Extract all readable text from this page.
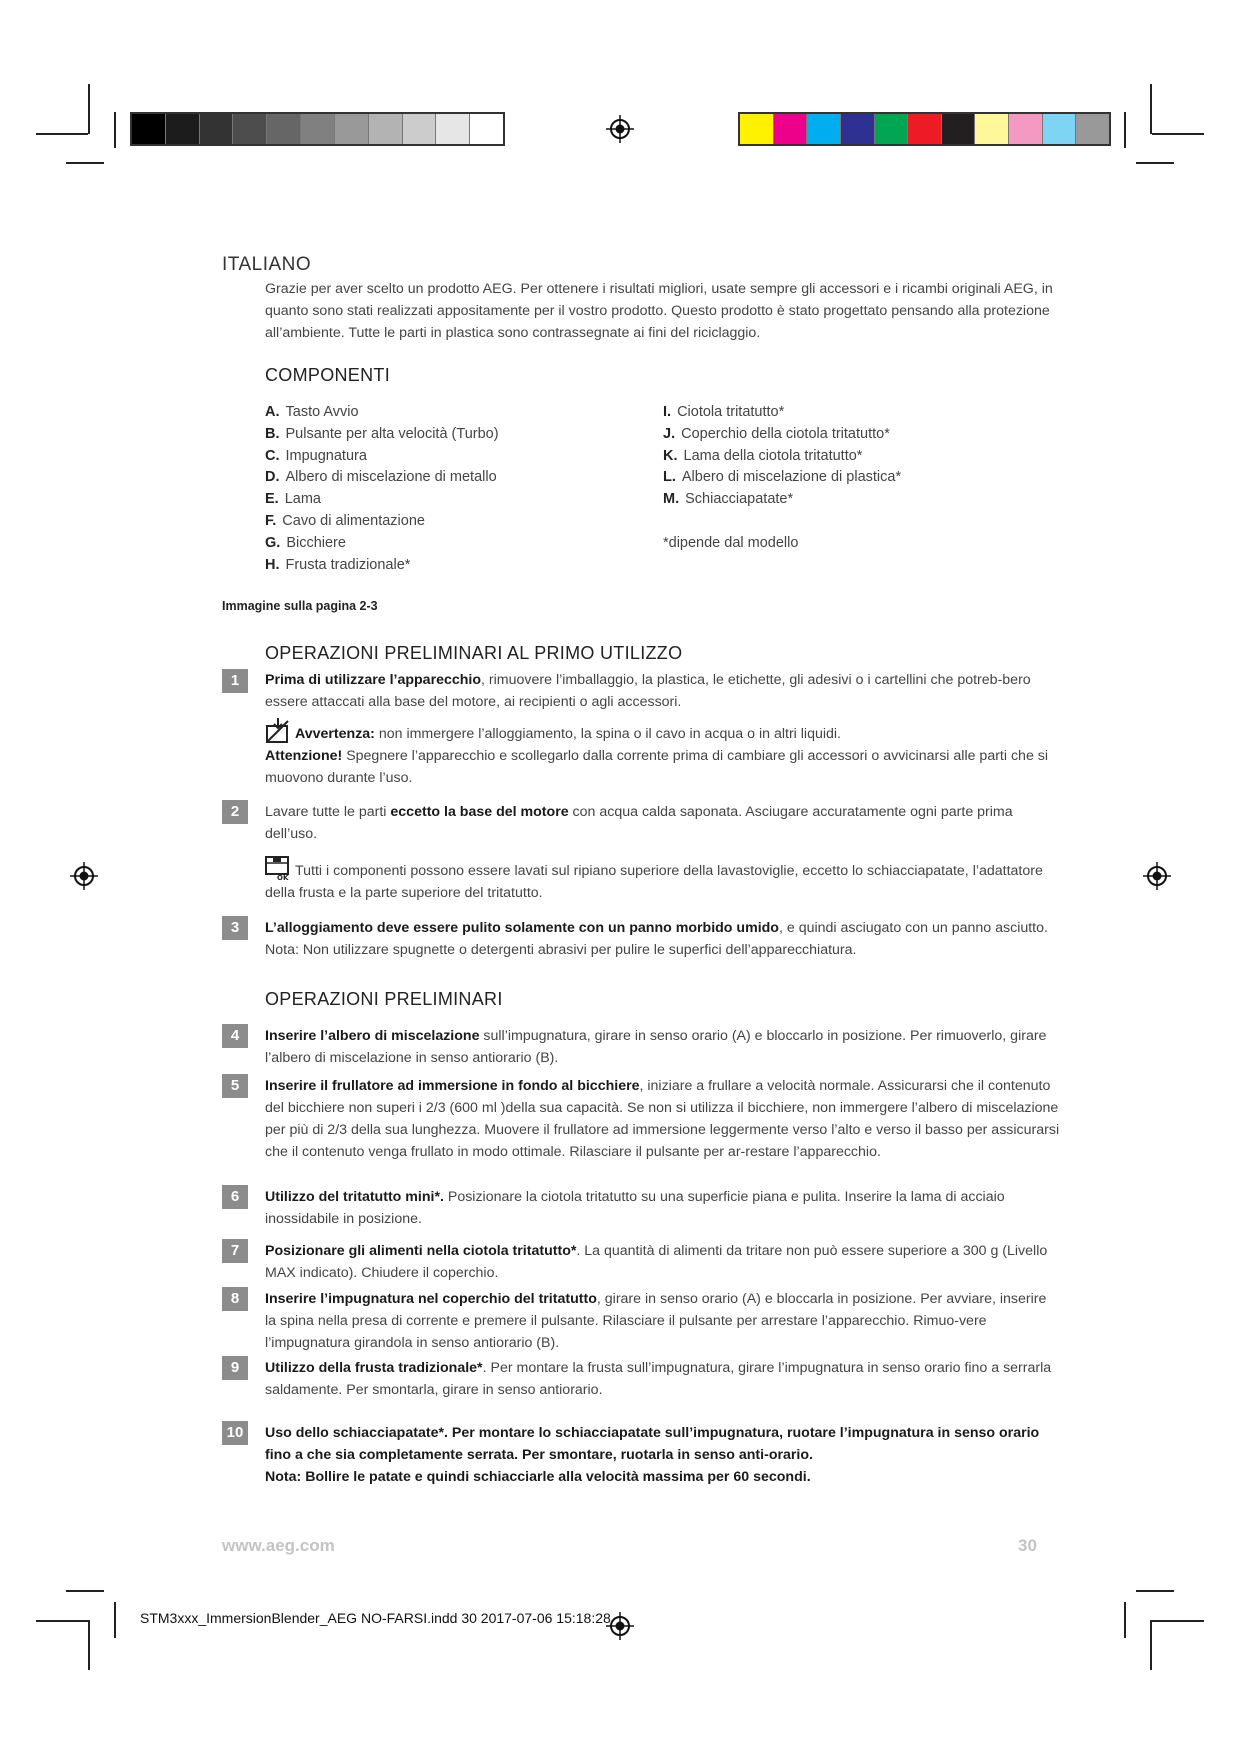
ITALIANO
Grazie per aver scelto un prodotto AEG. Per ottenere i risultati migliori, usate sempre gli accessori e i ricambi originali AEG, in quanto sono stati realizzati appositamente per il vostro prodotto. Questo prodotto è stato progettato pensando alla protezione all’ambiente. Tutte le parti in plastica sono contrassegnate ai fini del riciclaggio.
COMPONENTI
A. Tasto Avvio
B. Pulsante per alta velocità (Turbo)
C. Impugnatura
D. Albero di miscelazione di metallo
E. Lama
F. Cavo di alimentazione
G. Bicchiere
H. Frusta tradizionale*
I. Ciotola tritatutto*
J. Coperchio della ciotola tritatutto*
K. Lama della ciotola tritatutto*
L. Albero di miscelazione di plastica*
M. Schiacciapatate*
*dipende dal modello
Immagine sulla pagina 2-3
OPERAZIONI PRELIMINARI AL PRIMO UTILIZZO
1	Prima di utilizzare l’apparecchio, rimuovere l’imballaggio, la plastica, le etichette, gli adesivi o i cartellini che potreb-bero essere attaccati alla base del motore, ai recipienti o agli accessori.
Avvertenza: non immergere l’alloggiamento, la spina o il cavo in acqua o in altri liquidi.
Attenzione! Spegnere l’apparecchio e scollegarlo dalla corrente prima di cambiare gli accessori o avvicinarsi alle parti che si muovono durante l’uso.
2	Lavare tutte le parti eccetto la base del motore con acqua calda saponata. Asciugare accuratamente ogni parte prima dell’uso.
OK Tutti i componenti possono essere lavati sul ripiano superiore della lavastoviglie, eccetto lo schiacciapatate, l’adattatore della frusta e la parte superiore del tritatutto.
3	L’alloggiamento deve essere pulito solamente con un panno morbido umido, e quindi asciugato con un panno asciutto. Nota: Non utilizzare spugnette o detergenti abrasivi per pulire le superfici dell’apparecchiatura.
OPERAZIONI PRELIMINARI
4	Inserire l’albero di miscelazione sull’impugnatura, girare in senso orario (A) e bloccarlo in posizione. Per rimuoverlo, girare l’albero di miscelazione in senso antiorario (B).
5	Inserire il frullatore ad immersione in fondo al bicchiere, iniziare a frullare a velocità normale. Assicurarsi che il contenuto del bicchiere non superi i 2/3 (600 ml )della sua capacità. Se non si utilizza il bicchiere, non immergere l’albero di miscelazione per più di 2/3 della sua lunghezza. Muovere il frullatore ad immersione leggermente verso l’alto e verso il basso per assicurarsi che il contenuto venga frullato in modo ottimale. Rilasciare il pulsante per ar-restare l’apparecchio.
6	Utilizzo del tritatutto mini*. Posizionare la ciotola tritatutto su una superficie piana e pulita. Inserire la lama di acciaio inossidabile in posizione.
7	Posizionare gli alimenti nella ciotola tritatutto*. La quantità di alimenti da tritare non può essere superiore a 300 g (Livello MAX indicato). Chiudere il coperchio.
8	Inserire l’impugnatura nel coperchio del tritatutto, girare in senso orario (A) e bloccarla in posizione. Per avviare, inserire la spina nella presa di corrente e premere il pulsante. Rilasciare il pulsante per arrestare l’apparecchio. Rimuo-vere l’impugnatura girandola in senso antiorario (B).
9	Utilizzo della frusta tradizionale*. Per montare la frusta sull’impugnatura, girare l’impugnatura in senso orario fino a serrarla saldamente. Per smontarla, girare in senso antiorario.
10	Uso dello schiacciapatate*. Per montare lo schiacciapatate sull’impugnatura, ruotare l’impugnatura in senso orario fino a che sia completamente serrata. Per smontare, ruotarla in senso anti-orario.
Nota: Bollire le patate e quindi schiacciarle alla velocità massima per 60 secondi.
www.aeg.com	30
STM3xxx_ImmersionBlender_AEG NO-FARSI.indd 30 2017-07-06 15:18:28
